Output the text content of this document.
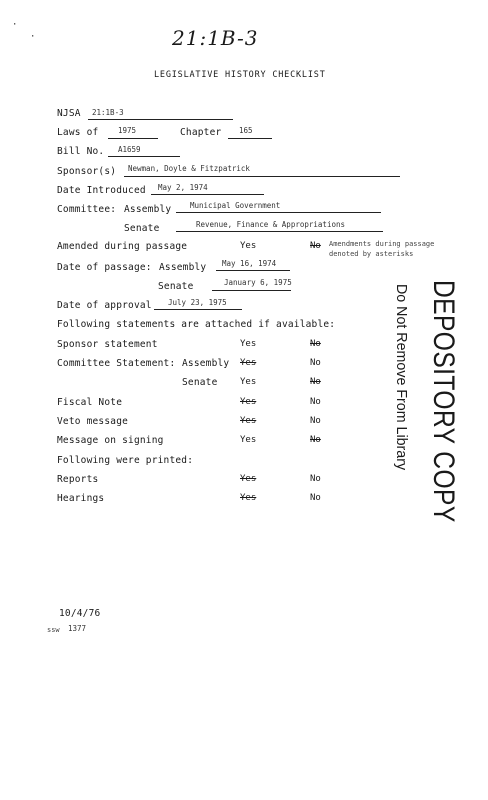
21:1B-3
·
·
LEGISLATIVE HISTORY CHECKLIST
NJSA 21:1B-3
Laws of	1975	Chapter 165
Bill No. A1659
Sponsor(s) Newman, Doyle & Fitzpatrick
Date Introduced May 2, 1974
Committee: Assembly Municipal Government
Senate	Revenue, Finance & Appropriations
Amended during passage	Yes	No Amendments during passage denoted by asterisks
Date of passage: Assembly May 16, 1974
Senate	January 6, 1975
Date of approval July 23, 1975
Following statements are attached if available:
Sponsor statement	Yes	No
Committee Statement: Assembly Yes	No
Senate Yes	No
Fiscal Note	Yes	No
Veto message	Yes	No
Message on signing	Yes	No
Following were printed:
Reports	Yes	No
Hearings	Yes	No	DEPOSITORY COPY
Do Not Remove From Library
10/4/76
ssw 1377
